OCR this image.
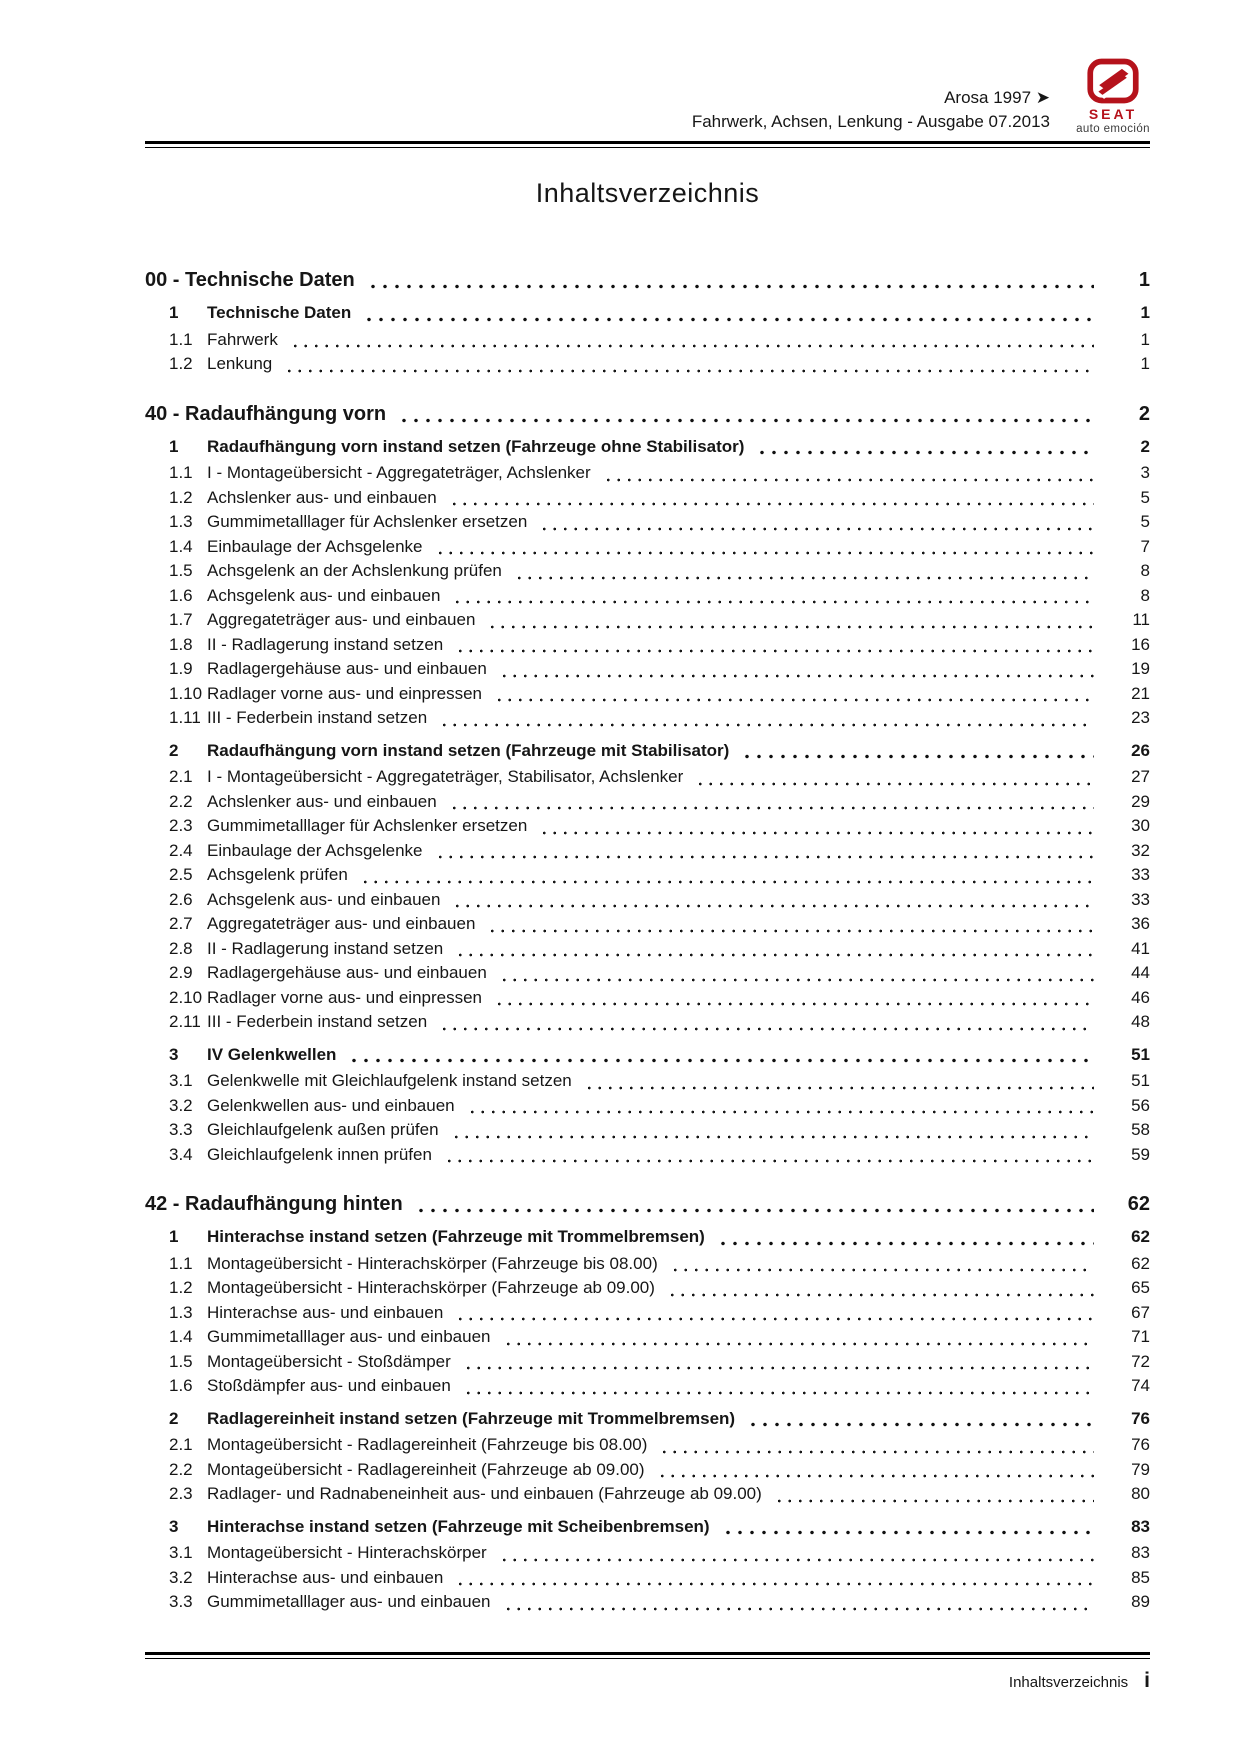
Arosa 1997 ➤
Fahrwerk, Achsen, Lenkung - Ausgabe 07.2013	SEAT
auto emoción
Inhaltsverzeichnis
00 - Technische Daten	1
1	Technische Daten	1
1.1 Fahrwerk	1
1.2 Lenkung	1
40 - Radaufhängung vorn	2
1	Radaufhängung vorn instand setzen (Fahrzeuge ohne Stabilisator)	2
1.1 I - Montageübersicht - Aggregateträger, Achslenker	3
1.2 Achslenker aus- und einbauen	5
1.3 Gummimetalllager für Achslenker ersetzen	5
1.4 Einbaulage der Achsgelenke	7
1.5 Achsgelenk an der Achslenkung prüfen	8
1.6 Achsgelenk aus- und einbauen	8
1.7 Aggregateträger aus- und einbauen	11
1.8 II - Radlagerung instand setzen	16
1.9 Radlagergehäuse aus- und einbauen	19
1.10 Radlager vorne aus- und einpressen	21
1.11 III - Federbein instand setzen	23
2	Radaufhängung vorn instand setzen (Fahrzeuge mit Stabilisator)	26
2.1 I - Montageübersicht - Aggregateträger, Stabilisator, Achslenker	27
2.2 Achslenker aus- und einbauen	29
2.3 Gummimetalllager für Achslenker ersetzen	30
2.4 Einbaulage der Achsgelenke	32
2.5 Achsgelenk prüfen	33
2.6 Achsgelenk aus- und einbauen	33
2.7 Aggregateträger aus- und einbauen	36
2.8 II - Radlagerung instand setzen	41
2.9 Radlagergehäuse aus- und einbauen	44
2.10 Radlager vorne aus- und einpressen	46
2.11 III - Federbein instand setzen	48
3	IV Gelenkwellen	51
3.1 Gelenkwelle mit Gleichlaufgelenk instand setzen	51
3.2 Gelenkwellen aus- und einbauen	56
3.3 Gleichlaufgelenk außen prüfen	58
3.4 Gleichlaufgelenk innen prüfen	59
42 - Radaufhängung hinten	62
1	Hinterachse instand setzen (Fahrzeuge mit Trommelbremsen)	62
1.1 Montageübersicht - Hinterachskörper (Fahrzeuge bis 08.00)	62
1.2 Montageübersicht - Hinterachskörper (Fahrzeuge ab 09.00)	65
1.3 Hinterachse aus- und einbauen	67
1.4 Gummimetalllager aus- und einbauen	71
1.5 Montageübersicht - Stoßdämper	72
1.6 Stoßdämpfer aus- und einbauen	74
2	Radlagereinheit instand setzen (Fahrzeuge mit Trommelbremsen)	76
2.1 Montageübersicht - Radlagereinheit (Fahrzeuge bis 08.00)	76
2.2 Montageübersicht - Radlagereinheit (Fahrzeuge ab 09.00)	79
2.3 Radlager- und Radnabeneinheit aus- und einbauen (Fahrzeuge ab 09.00)	80
3	Hinterachse instand setzen (Fahrzeuge mit Scheibenbremsen)	83
3.1 Montageübersicht - Hinterachskörper	83
3.2 Hinterachse aus- und einbauen	85
3.3 Gummimetalllager aus- und einbauen	89
Inhaltsverzeichnis i
